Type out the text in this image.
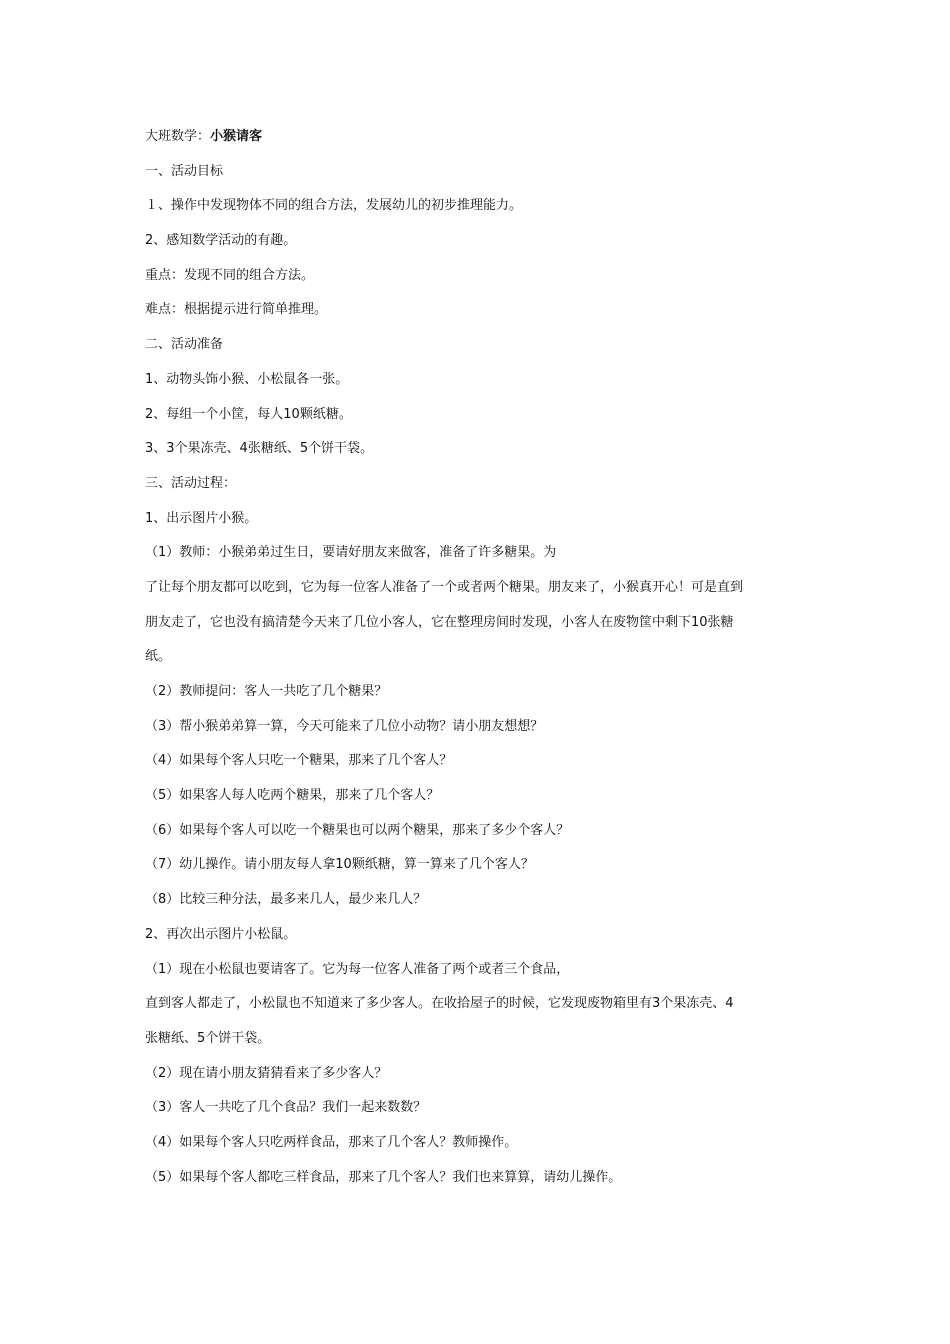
大班数学：小猴请客
一、活动目标
１、操作中发现物体不同的组合方法，发展幼儿的初步推理能力。
2、感知数学活动的有趣。
重点：发现不同的组合方法。
难点：根据提示进行简单推理。
二、活动准备
1、动物头饰小猴、小松鼠各一张。
2、每组一个小筐，每人10颗纸糖。
3、3个果冻壳、4张糖纸、5个饼干袋。
三、活动过程：
1、出示图片小猴。
（1）教师：小猴弟弟过生日，要请好朋友来做客，准备了许多糖果。为
了让每个朋友都可以吃到，它为每一位客人准备了一个或者两个糖果。朋友来了，小猴真开心！可是直到
朋友走了，它也没有搞清楚今天来了几位小客人，它在整理房间时发现，小客人在废物筐中剩下10张糖
纸。
（2）教师提问：客人一共吃了几个糖果？
（3）帮小猴弟弟算一算，今天可能来了几位小动物？请小朋友想想？
（4）如果每个客人只吃一个糖果，那来了几个客人？
（5）如果客人每人吃两个糖果，那来了几个客人？
（6）如果每个客人可以吃一个糖果也可以两个糖果，那来了多少个客人？
（7）幼儿操作。请小朋友每人拿10颗纸糖，算一算来了几个客人？
（8）比较三种分法，最多来几人，最少来几人？
2、再次出示图片小松鼠。
（1）现在小松鼠也要请客了。它为每一位客人准备了两个或者三个食品，
直到客人都走了，小松鼠也不知道来了多少客人。在收拾屋子的时候，它发现废物箱里有3个果冻壳、4
张糖纸、5个饼干袋。
（2）现在请小朋友猜猜看来了多少客人？
（3）客人一共吃了几个食品？我们一起来数数？
（4）如果每个客人只吃两样食品，那来了几个客人？教师操作。
（5）如果每个客人都吃三样食品，那来了几个客人？我们也来算算，请幼儿操作。
